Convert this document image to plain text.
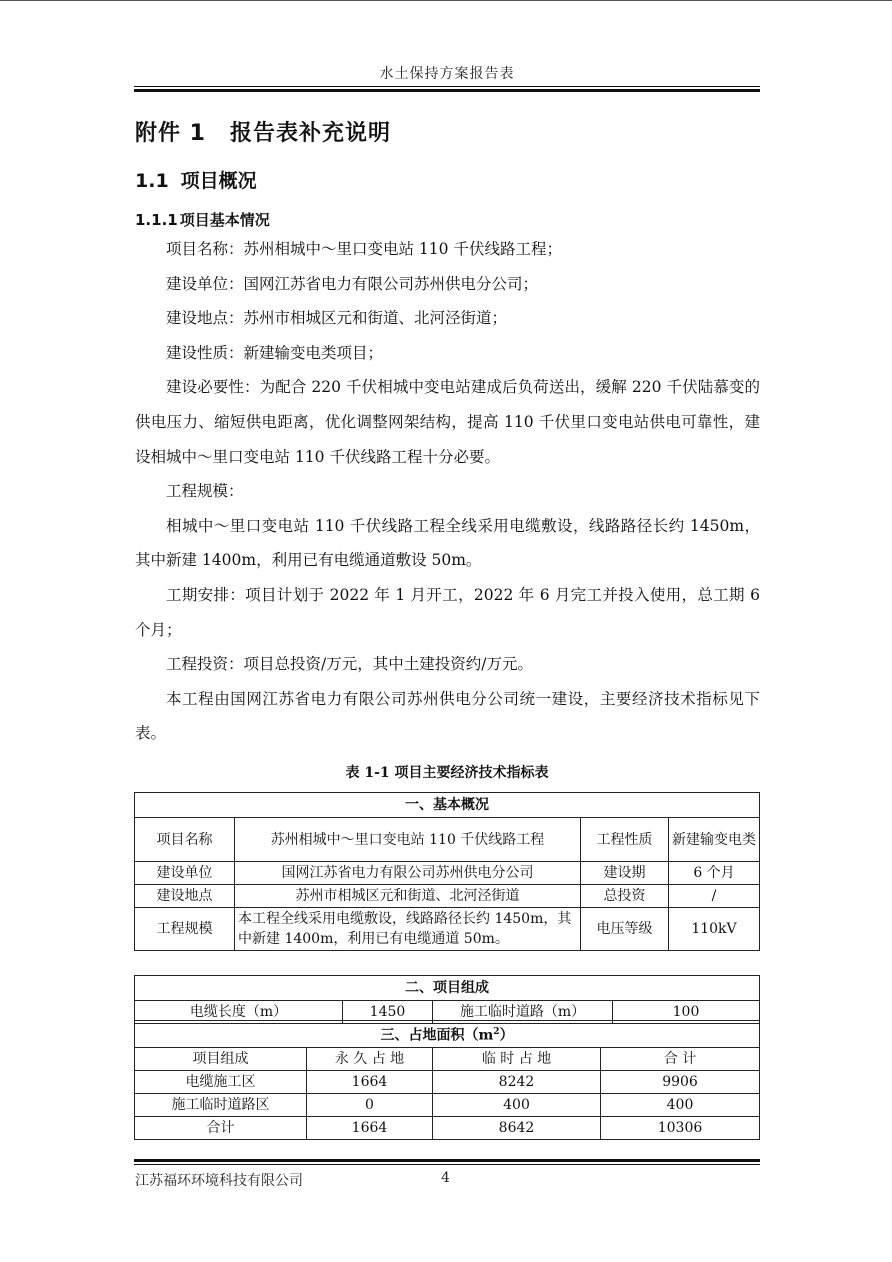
水土保持方案报告表
附件 1 报告表补充说明
1.1 项目概况
1.1.1 项目基本情况

项目名称：苏州相城中～里口变电站 110 千伏线路工程；

建设单位：国网江苏省电力有限公司苏州供电分公司；

建设地点：苏州市相城区元和街道、北河泾街道；

建设性质：新建输变电类项目；

建设必要性：为配合 220 千伏相城中变电站建成后负荷送出，缓解 220 千伏陆慕变的供电压力、缩短供电距离，优化调整网架结构，提高 110 千伏里口变电站供电可靠性，建设相城中～里口变电站 110 千伏线路工程十分必要。

工程规模：

相城中～里口变电站 110 千伏线路工程全线采用电缆敷设，线路路径长约 1450m，其中新建 1400m，利用已有电缆通道敷设 50m。

工期安排：项目计划于 2022 年 1 月开工，2022 年 6 月完工并投入使用，总工期 6 个月；

工程投资：项目总投资/万元，其中土建投资约/万元。

本工程由国网江苏省电力有限公司苏州供电分公司统一建设，主要经济技术指标见下表。

表 1-1 项目主要经济技术指标表
一、基本概况			
项目名称	苏州相城中～里口变电站 110 千伏线路工程	工程性质	新建输变电类
建设单位	国网江苏省电力有限公司苏州供电分公司	建设期	6 个月
建设地点	苏州市相城区元和街道、北河泾街道	总投资	/
工程规模	本工程全线采用电缆敷设，线路路径长约 1450m，其中新建 1400m，利用已有电缆通道 50m。	电压等级	110kV
二、项目组成
电缆长度（m）	1450	施工临时道路（m）	100
三、占地面积$(m^2)$			
项目组成	永 久 占 地	临 时 占 地	合 计
电缆施工区	1664	8242	9906
施工临时道路区	0	400	400
合计	1664	8642	10306
江苏福环环境科技有限公司	4
